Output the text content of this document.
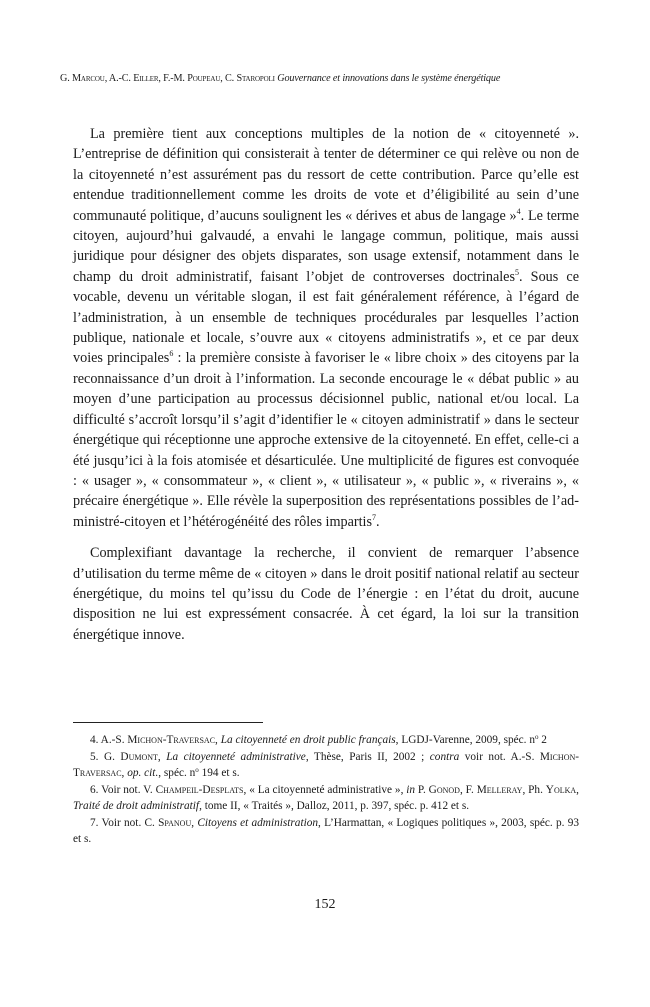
G. Marcou, A.-C. Eiller, F.-M. Poupeau, C. Staropoli Gouvernance et innovations dans le système énergétique

La première tient aux conceptions multiples de la notion de « citoyenneté ». L’entreprise de définition qui consisterait à tenter de déterminer ce qui relève ou non de la citoyenneté n’est assurément pas du ressort de cette contribution. Parce qu’elle est entendue traditionnellement comme les droits de vote et d’éligibilité au sein d’une communauté politique, d’aucuns soulignent les « dérives et abus de langage »$^4$. Le terme citoyen, aujourd’hui galvaudé, a envahi le langage commun, politique, mais aussi juridique pour désigner des objets disparates, son usage extensif, notamment dans le champ du droit administratif, faisant l’objet de controverses doctrinales$^5$. Sous ce vocable, devenu un véritable slogan, il est fait généralement référence, à l’égard de l’administration, à un ensemble de techniques procédurales par lesquelles l’action publique, nationale et locale, s’ouvre aux « citoyens administratifs », et ce par deux voies principales$^6$ : la première consiste à favoriser le « libre choix » des citoyens par la reconnaissance d’un droit à l’information. La seconde encourage le « débat public » au moyen d’une participation au processus décisionnel public, national et/ou local. La difficulté s’accroît lorsqu’il s’agit d’identifier le « citoyen administratif » dans le secteur énergétique qui réceptionne une approche extensive de la citoyenneté. En effet, celle-ci a été jusqu’ici à la fois atomisée et désarticulée. Une multiplicité de figures est convoquée : « usager », « consommateur », « client », « utilisateur », « public », « riverains », « précaire énergétique ». Elle révèle la superposition des représentations possibles de l’administré-citoyen et l’hétérogénéité des rôles impartis$^7$.

Complexifiant davantage la recherche, il convient de remarquer l’absence d’utilisation du terme même de « citoyen » dans le droit positif national relatif au secteur énergétique, du moins tel qu’issu du Code de l’énergie : en l’état du droit, aucune disposition ne lui est expressément consacrée. À cet égard, la loi sur la transition énergétique innove.

4. A.-S. Michon-Traversac, La citoyenneté en droit public français, LGDJ-Varenne, 2009, spéc. $n^o$ 2

5. G. Dumont, La citoyenneté administrative, Thèse, Paris II, 2002 ; contra voir not. A.-S. Michon-Traversac, op. cit., spéc. $n^o$ 194 et s.

6. Voir not. V. Champeil-Desplats, « La citoyenneté administrative », in P. Gonod, F. Melleray, Ph. Yolka, Traité de droit administratif, tome II, « Traités », Dalloz, 2011, p. 397, spéc. p. 412 et s.

7. Voir not. C. Spanou, Citoyens et administration, L’Harmattan, « Logiques politiques », 2003, spéc. p. 93 et s.

152
